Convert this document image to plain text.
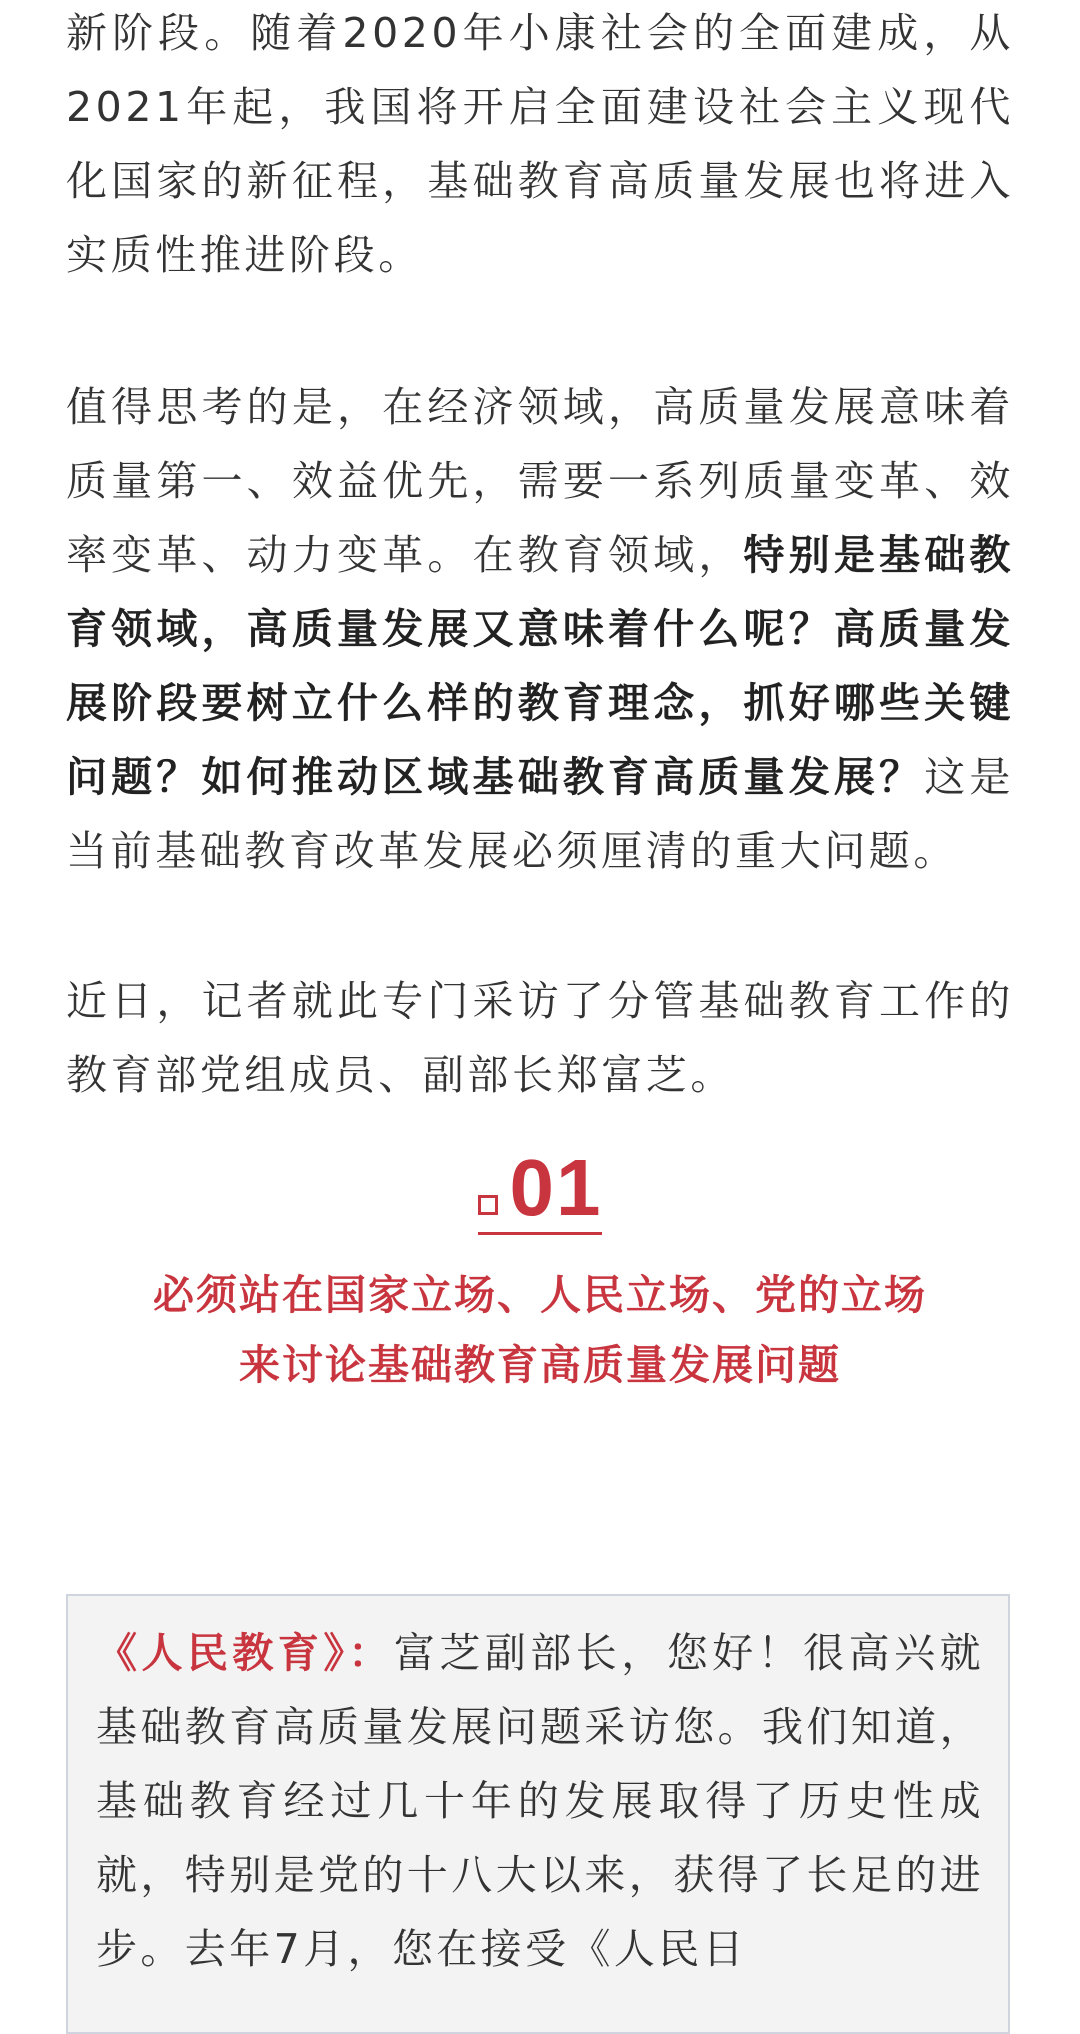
新阶段。随着2020年小康社会的全面建成，从2021年起，我国将开启全面建设社会主义现代化国家的新征程，基础教育高质量发展也将进入实质性推进阶段。

值得思考的是，在经济领域，高质量发展意味着质量第一、效益优先，需要一系列质量变革、效率变革、动力变革。在教育领域，特别是基础教育领域，高质量发展又意味着什么呢？高质量发展阶段要树立什么样的教育理念，抓好哪些关键问题？如何推动区域基础教育高质量发展？这是当前基础教育改革发展必须厘清的重大问题。

近日，记者就此专门采访了分管基础教育工作的教育部党组成员、副部长郑富芝。

01
必须站在国家立场、人民立场、党的立场
来讨论基础教育高质量发展问题
《人民教育》：富芝副部长，您好！很高兴就基础教育高质量发展问题采访您。我们知道，基础教育经过几十年的发展取得了历史性成就，特别是党的十八大以来，获得了长足的进步。去年7月，您在接受《人民日
